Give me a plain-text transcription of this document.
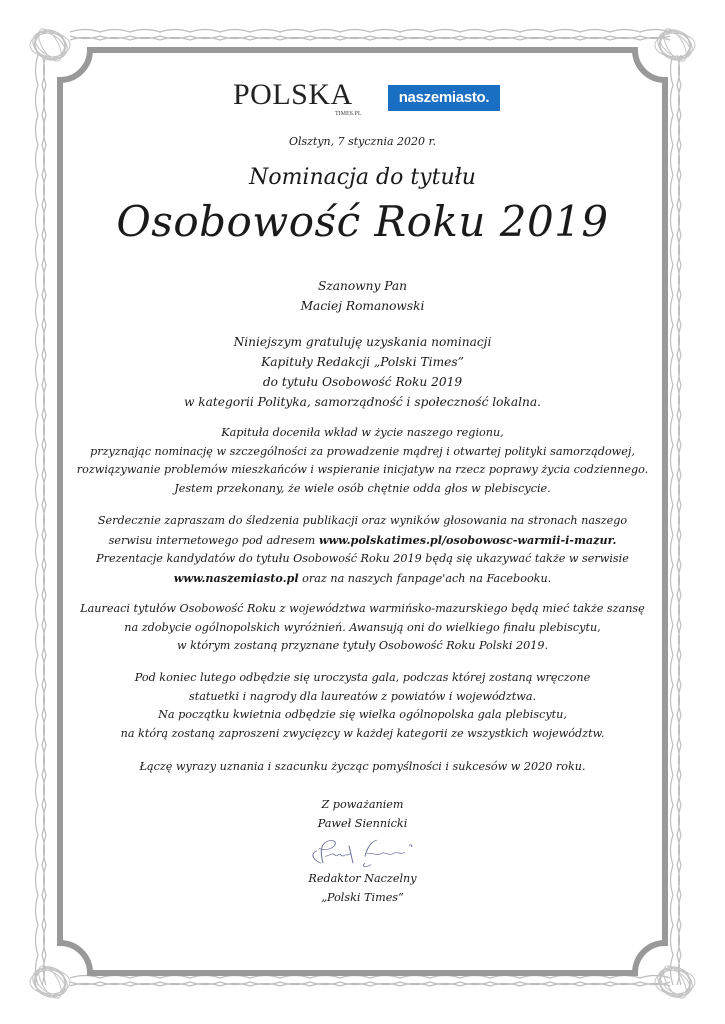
POLSKA
TIMES.PL
naszemiasto.
Olsztyn, 7 stycznia 2020 r.
Nominacja do tytułu
Osobowość Roku 2019
Szanowny Pan
Maciej Romanowski
Niniejszym gratuluję uzyskania nominacji
Kapituły Redakcji „Polski Times”
do tytułu Osobowość Roku 2019
w kategorii Polityka, samorządność i społeczność lokalna.
Kapituła doceniła wkład w życie naszego regionu,
przyznając nominację w szczególności za prowadzenie mądrej i otwartej polityki samorządowej,
rozwiązywanie problemów mieszkańców i wspieranie inicjatyw na rzecz poprawy życia codziennego.
Jestem przekonany, że wiele osób chętnie odda głos w plebiscycie.
Serdecznie zapraszam do śledzenia publikacji oraz wyników głosowania na stronach naszego
serwisu internetowego pod adresem www.polskatimes.pl/osobowosc-warmii-i-mazur.
Prezentacje kandydatów do tytułu Osobowość Roku 2019 będą się ukazywać także w serwisie
www.naszemiasto.pl oraz na naszych fanpage'ach na Facebooku.
Laureaci tytułów Osobowość Roku z województwa warmińsko-mazurskiego będą mieć także szansę
na zdobycie ogólnopolskich wyróżnień. Awansują oni do wielkiego finału plebiscytu,
w którym zostaną przyznane tytuły Osobowość Roku Polski 2019.
Pod koniec lutego odbędzie się uroczysta gala, podczas której zostaną wręczone
statuetki i nagrody dla laureatów z powiatów i województwa.
Na początku kwietnia odbędzie się wielka ogólnopolska gala plebiscytu,
na którą zostaną zaproszeni zwycięzcy w każdej kategorii ze wszystkich województw.
Łączę wyrazy uznania i szacunku życząc pomyślności i sukcesów w 2020 roku.
Z poważaniem
Paweł Siennicki
Redaktor Naczelny
„Polski Times”
